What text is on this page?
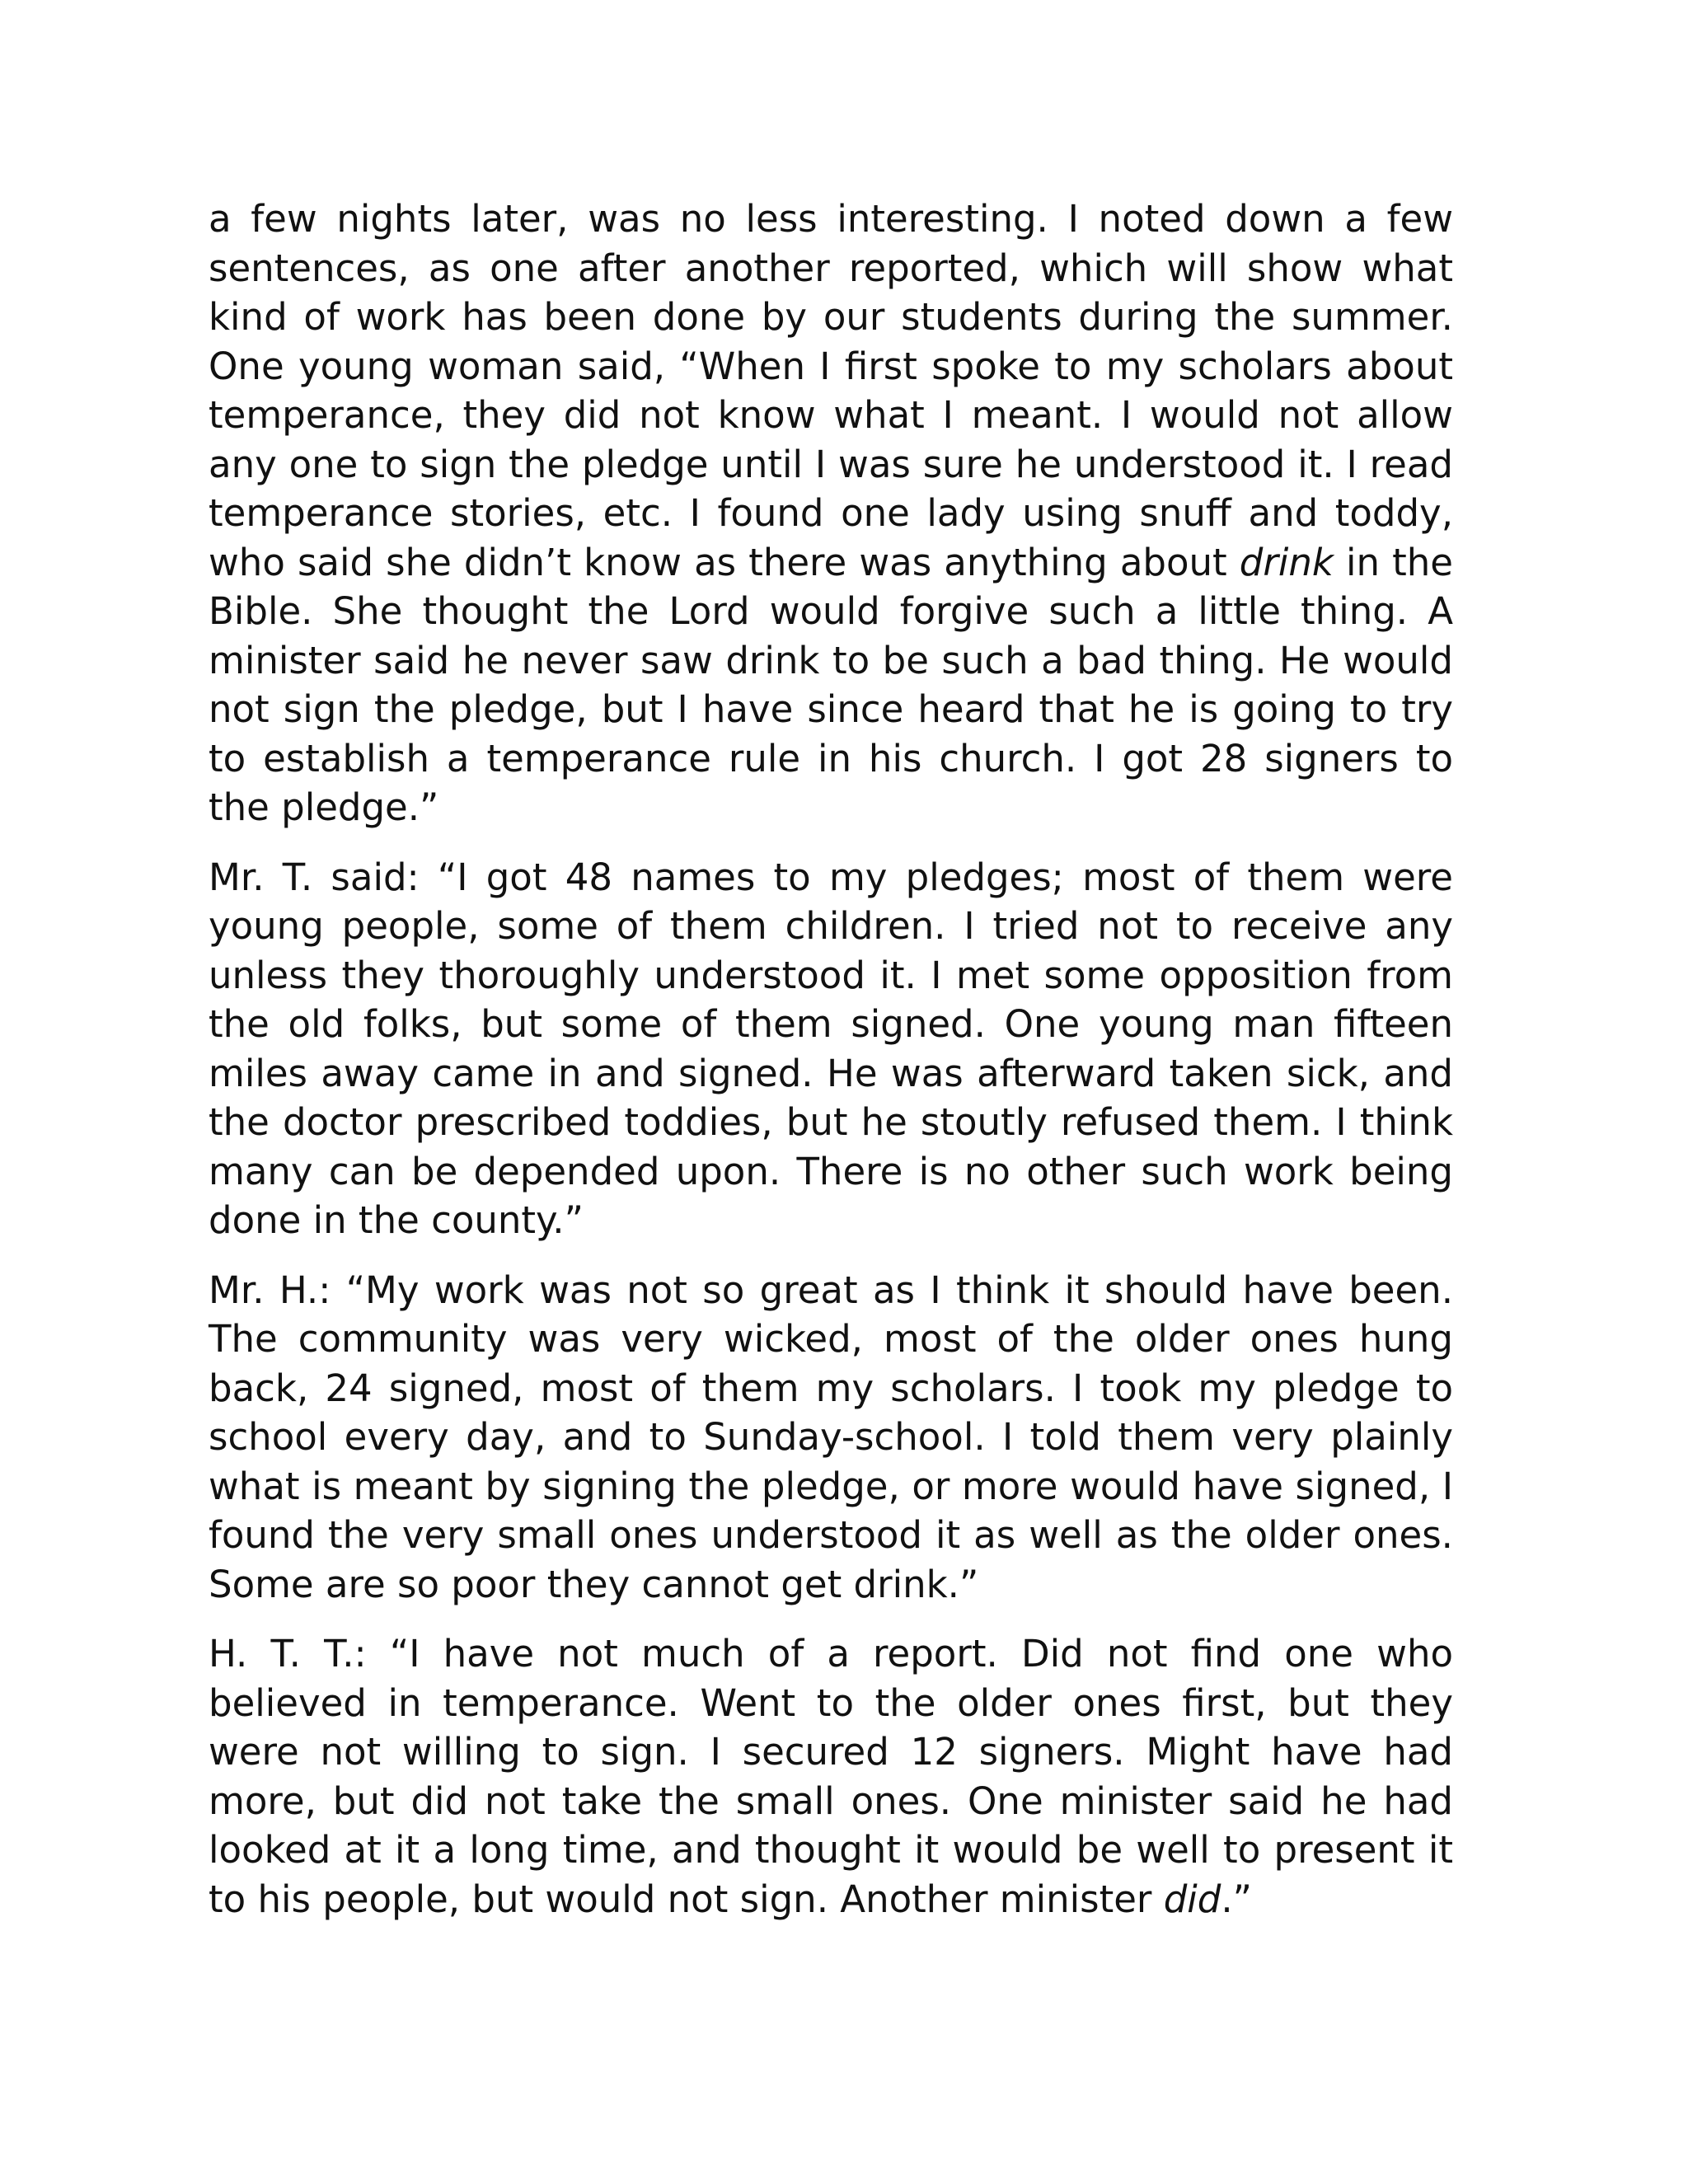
a few nights later, was no less interesting. I noted down a few sentences, as one after another reported, which will show what kind of work has been done by our students during the summer. One young woman said, “When I first spoke to my scholars about temperance, they did not know what I meant. I would not allow any one to sign the pledge until I was sure he understood it. I read temperance stories, etc. I found one lady using snuff and toddy, who said she didn’t know as there was anything about drink in the Bible. She thought the Lord would forgive such a little thing. A minister said he never saw drink to be such a bad thing. He would not sign the pledge, but I have since heard that he is going to try to establish a temperance rule in his church. I got 28 signers to the pledge.”

Mr. T. said: “I got 48 names to my pledges; most of them were young people, some of them children. I tried not to receive any unless they thoroughly understood it. I met some opposition from the old folks, but some of them signed. One young man fifteen miles away came in and signed. He was afterward taken sick, and the doctor prescribed toddies, but he stoutly refused them. I think many can be depended upon. There is no other such work being done in the county.”

Mr. H.: “My work was not so great as I think it should have been. The community was very wicked, most of the older ones hung back, 24 signed, most of them my scholars. I took my pledge to school every day, and to Sunday-school. I told them very plainly what is meant by signing the pledge, or more would have signed, I found the very small ones understood it as well as the older ones. Some are so poor they cannot get drink.”

H. T. T.: “I have not much of a report. Did not find one who believed in temperance. Went to the older ones first, but they were not willing to sign. I secured 12 signers. Might have had more, but did not take the small ones. One minister said he had looked at it a long time, and thought it would be well to present it to his people, but would not sign. Another minister did.”
